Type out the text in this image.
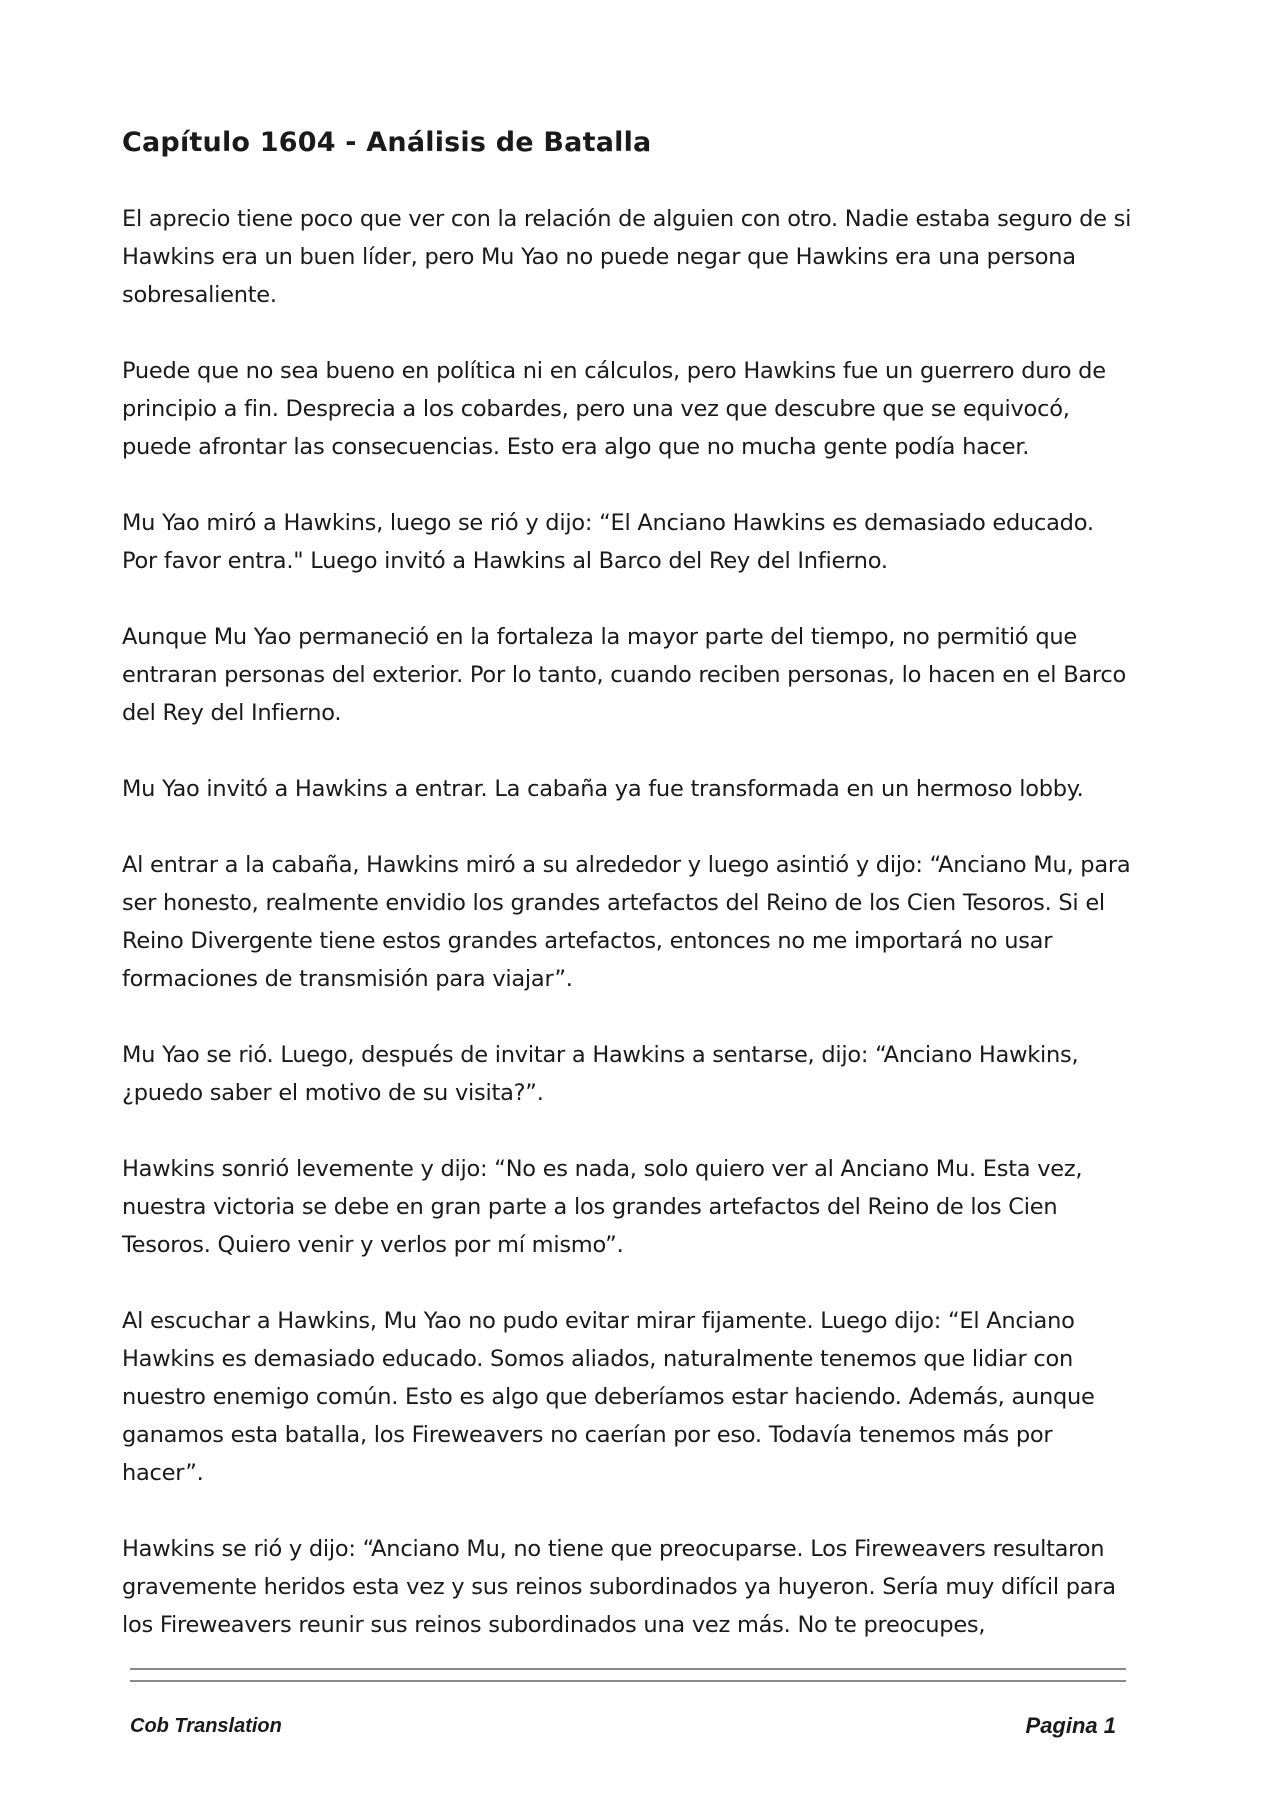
Capítulo 1604 - Análisis de Batalla

El aprecio tiene poco que ver con la relación de alguien con otro. Nadie estaba seguro de si Hawkins era un buen líder, pero Mu Yao no puede negar que Hawkins era una persona sobresaliente.

Puede que no sea bueno en política ni en cálculos, pero Hawkins fue un guerrero duro de principio a fin. Desprecia a los cobardes, pero una vez que descubre que se equivocó, puede afrontar las consecuencias. Esto era algo que no mucha gente podía hacer.

Mu Yao miró a Hawkins, luego se rió y dijo: “El Anciano Hawkins es demasiado educado. Por favor entra." Luego invitó a Hawkins al Barco del Rey del Infierno.

Aunque Mu Yao permaneció en la fortaleza la mayor parte del tiempo, no permitió que entraran personas del exterior. Por lo tanto, cuando reciben personas, lo hacen en el Barco del Rey del Infierno.

Mu Yao invitó a Hawkins a entrar. La cabaña ya fue transformada en un hermoso lobby.

Al entrar a la cabaña, Hawkins miró a su alrededor y luego asintió y dijo: “Anciano Mu, para ser honesto, realmente envidio los grandes artefactos del Reino de los Cien Tesoros. Si el Reino Divergente tiene estos grandes artefactos, entonces no me importará no usar formaciones de transmisión para viajar”.

Mu Yao se rió. Luego, después de invitar a Hawkins a sentarse, dijo: “Anciano Hawkins, ¿puedo saber el motivo de su visita?”.

Hawkins sonrió levemente y dijo: “No es nada, solo quiero ver al Anciano Mu. Esta vez, nuestra victoria se debe en gran parte a los grandes artefactos del Reino de los Cien Tesoros. Quiero venir y verlos por mí mismo”.

Al escuchar a Hawkins, Mu Yao no pudo evitar mirar fijamente. Luego dijo: “El Anciano Hawkins es demasiado educado. Somos aliados, naturalmente tenemos que lidiar con nuestro enemigo común. Esto es algo que deberíamos estar haciendo. Además, aunque ganamos esta batalla, los Fireweavers no caerían por eso. Todavía tenemos más por hacer”.

Hawkins se rió y dijo: “Anciano Mu, no tiene que preocuparse. Los Fireweavers resultaron gravemente heridos esta vez y sus reinos subordinados ya huyeron. Sería muy difícil para los Fireweavers reunir sus reinos subordinados una vez más. No te preocupes,

Cob Translation	Pagina 1
